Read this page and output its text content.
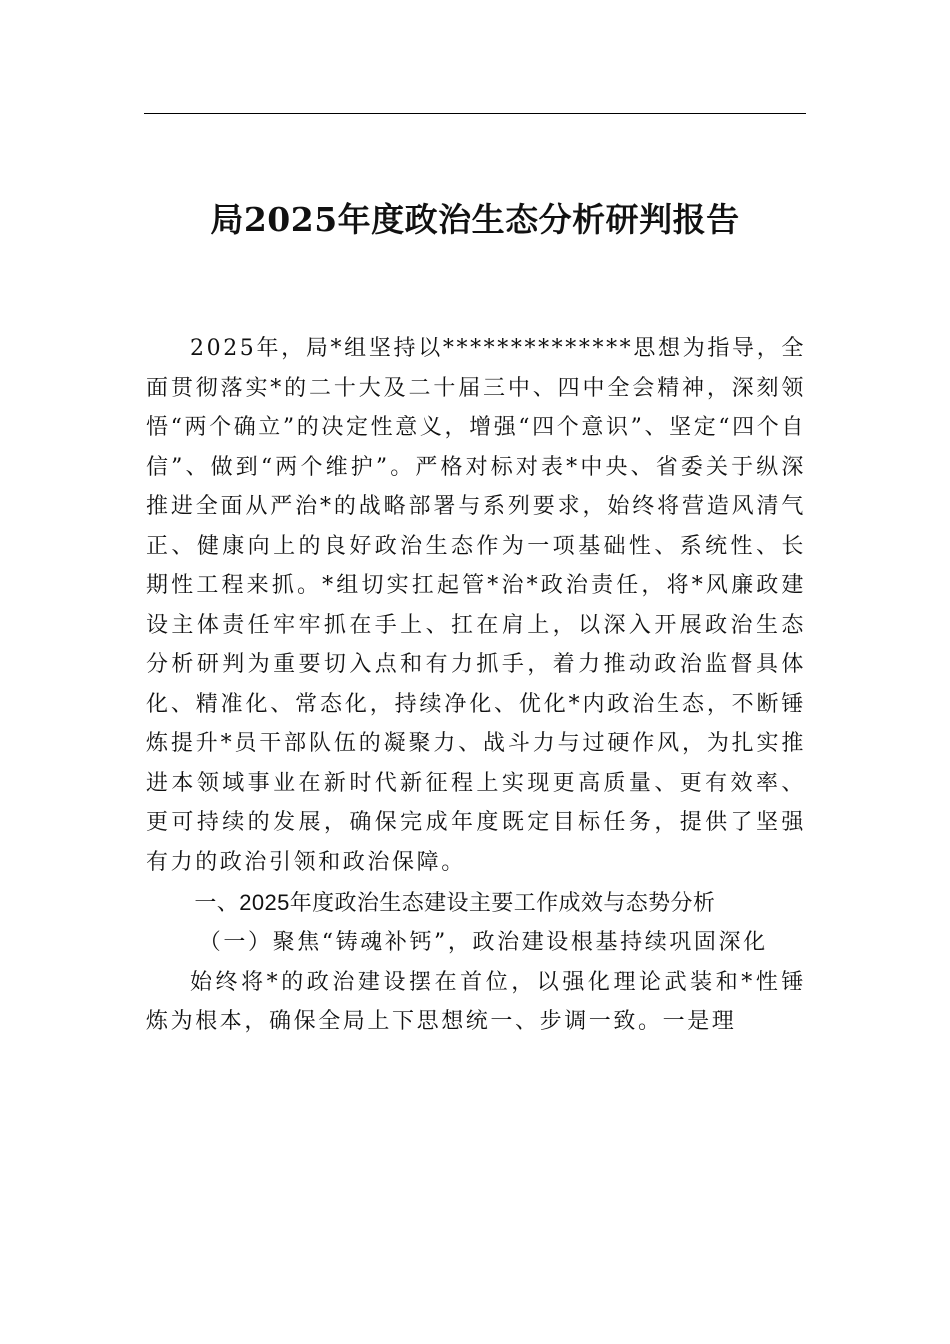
局2025年度政治生态分析研判报告

2025年，局*组坚持以**************思想为指导，全面贯彻落实*的二十大及二十届三中、四中全会精神，深刻领悟“两个确立”的决定性意义，增强“四个意识”、坚定“四个自信”、做到“两个维护”。严格对标对表*中央、省委关于纵深推进全面从严治*的战略部署与系列要求，始终将营造风清气正、健康向上的良好政治生态作为一项基础性、系统性、长期性工程来抓。*组切实扛起管*治*政治责任，将*风廉政建设主体责任牢牢抓在手上、扛在肩上，以深入开展政治生态分析研判为重要切入点和有力抓手，着力推动政治监督具体化、精准化、常态化，持续净化、优化*内政治生态，不断锤炼提升*员干部队伍的凝聚力、战斗力与过硬作风，为扎实推进本领域事业在新时代新征程上实现更高质量、更有效率、更可持续的发展，确保完成年度既定目标任务，提供了坚强有力的政治引领和政治保障。

一、2025年度政治生态建设主要工作成效与态势分析

（一）聚焦“铸魂补钙”，政治建设根基持续巩固深化

始终将*的政治建设摆在首位，以强化理论武装和*性锤炼为根本，确保全局上下思想统一、步调一致。一是理
